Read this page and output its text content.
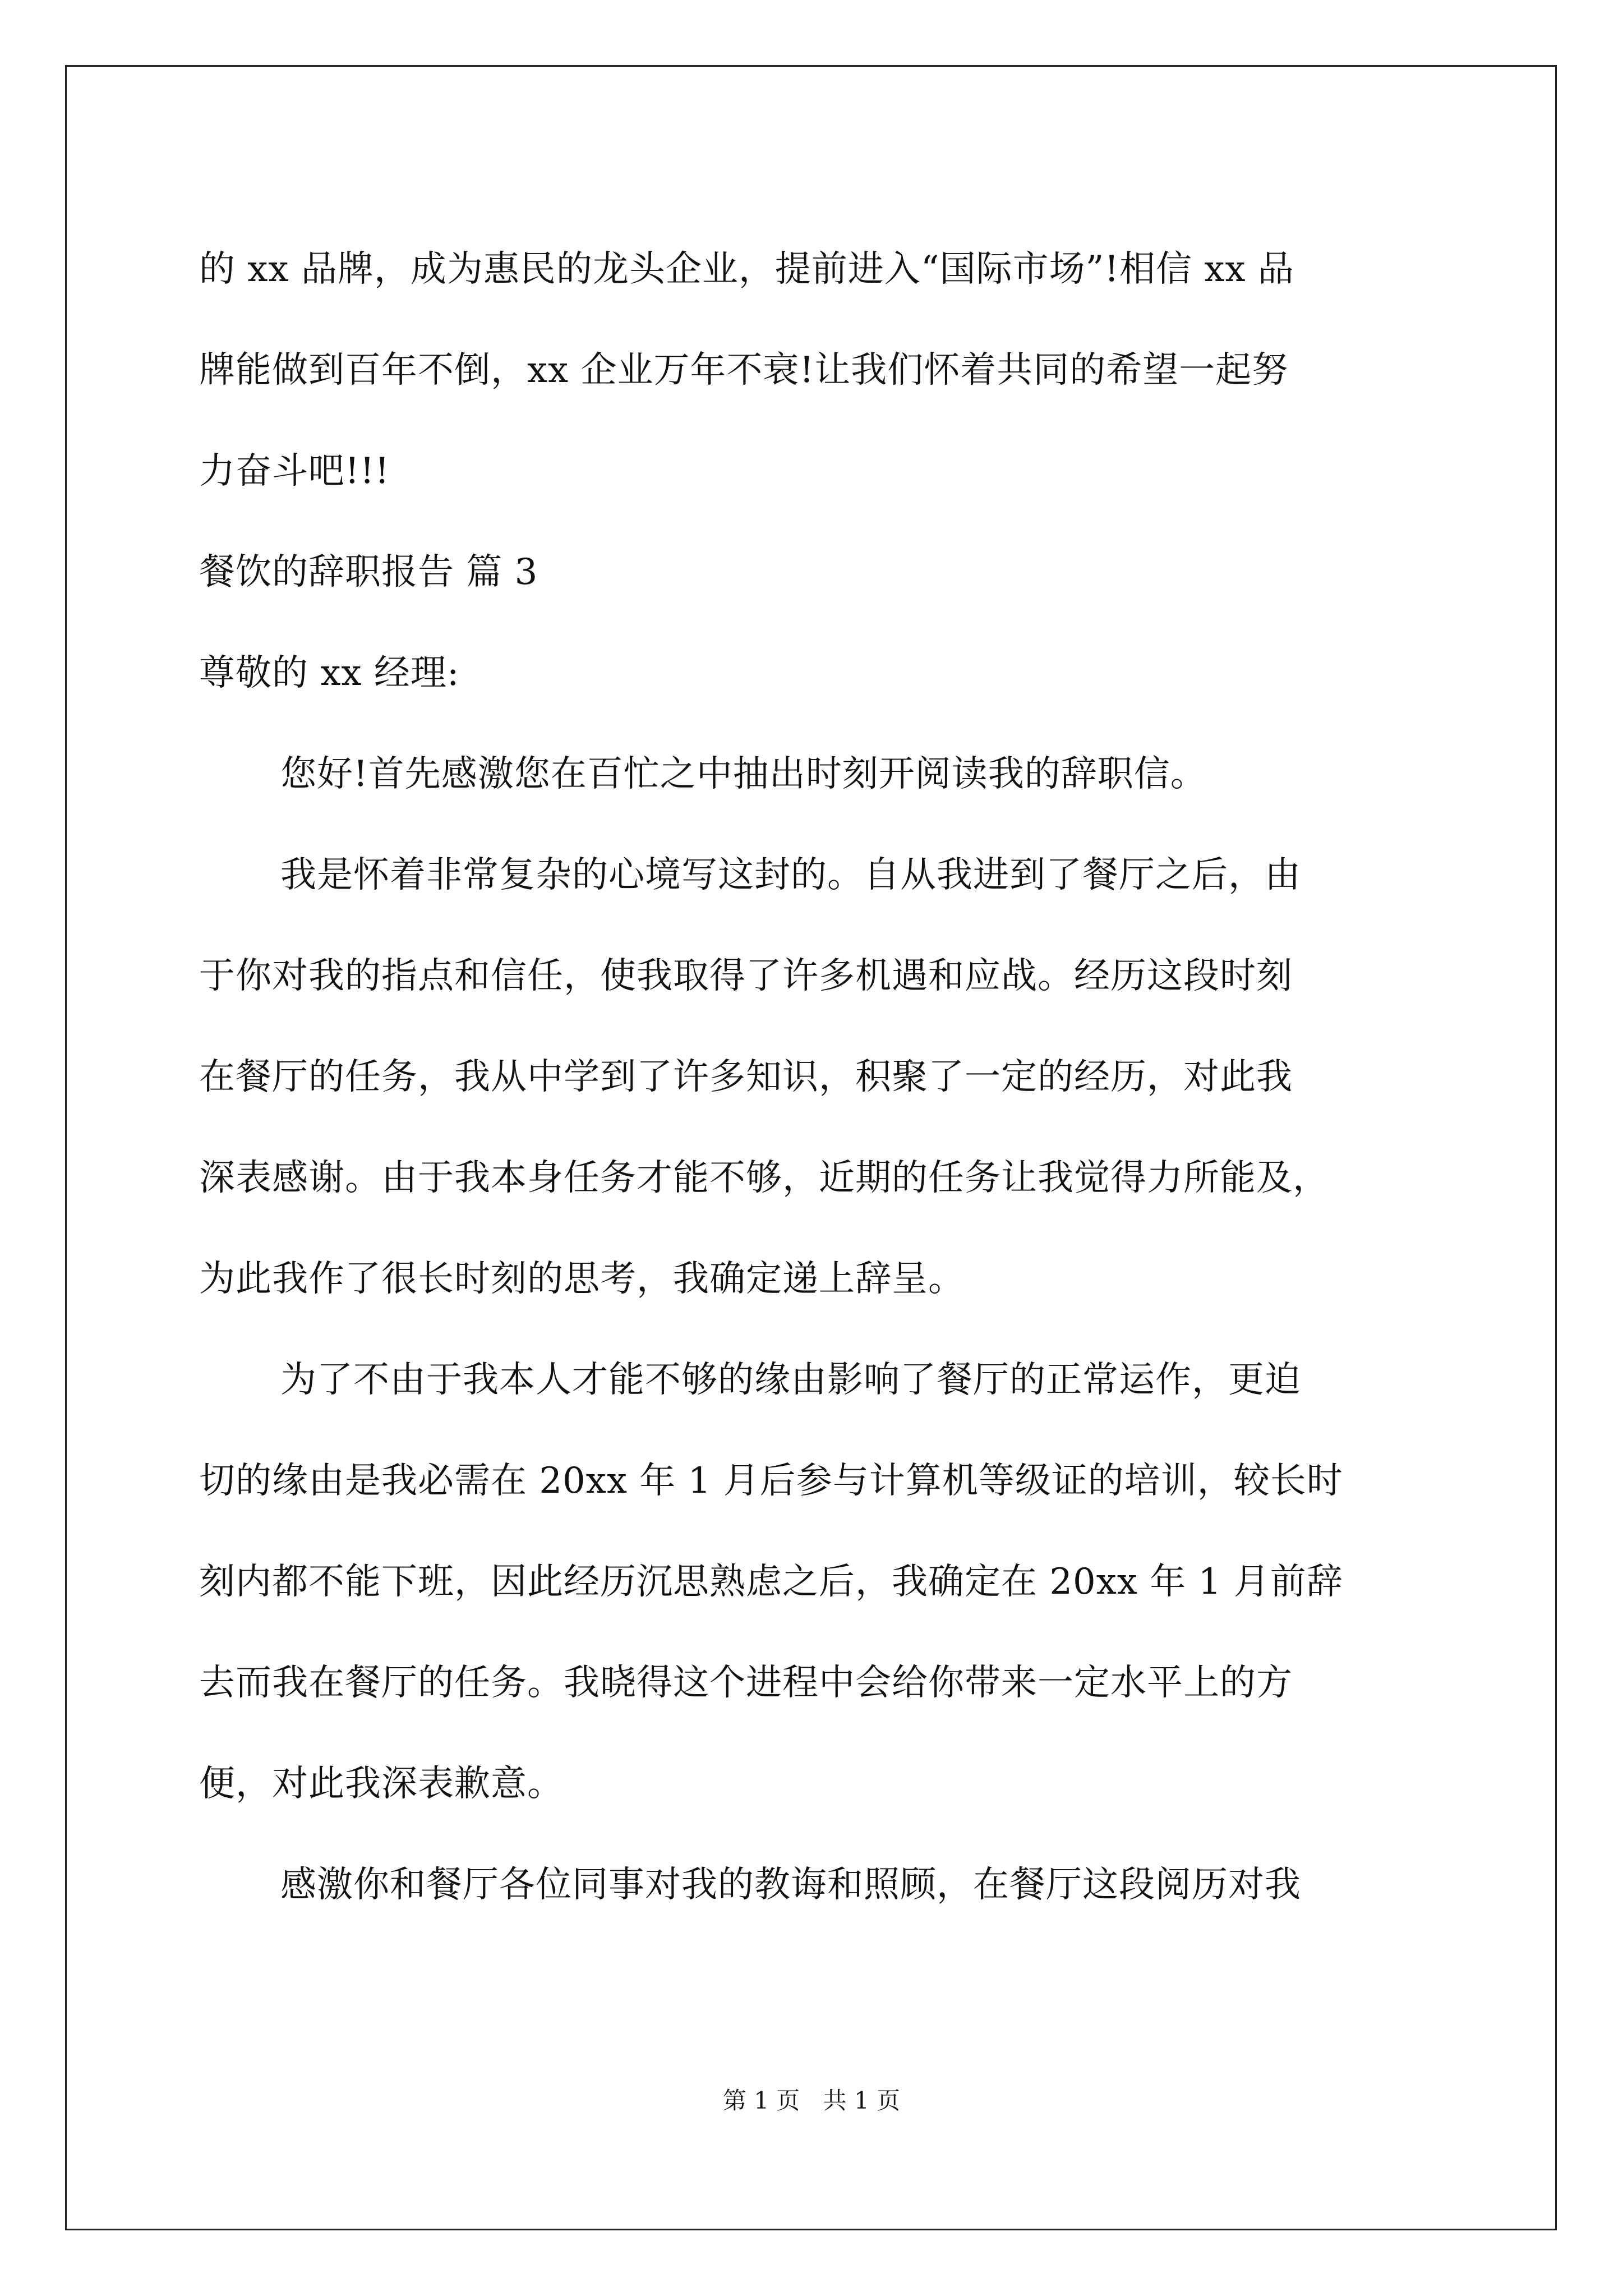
的 xx 品牌，成为惠民的龙头企业，提前进入“国际市场”!相信 xx 品
牌能做到百年不倒，xx 企业万年不衰!让我们怀着共同的希望一起努
力奋斗吧!!!
餐饮的辞职报告 篇 3
尊敬的 xx 经理:
您好!首先感激您在百忙之中抽出时刻开阅读我的辞职信。
我是怀着非常复杂的心境写这封的。自从我进到了餐厅之后，由
于你对我的指点和信任，使我取得了许多机遇和应战。经历这段时刻
在餐厅的任务，我从中学到了许多知识，积聚了一定的经历，对此我
深表感谢。由于我本身任务才能不够，近期的任务让我觉得力所能及，
为此我作了很长时刻的思考，我确定递上辞呈。
为了不由于我本人才能不够的缘由影响了餐厅的正常运作，更迫
切的缘由是我必需在 20xx 年 1 月后参与计算机等级证的培训，较长时
刻内都不能下班，因此经历沉思熟虑之后，我确定在 20xx 年 1 月前辞
去而我在餐厅的任务。我晓得这个进程中会给你带来一定水平上的方
便，对此我深表歉意。
感激你和餐厅各位同事对我的教诲和照顾，在餐厅这段阅历对我
第 1 页 共 1 页
